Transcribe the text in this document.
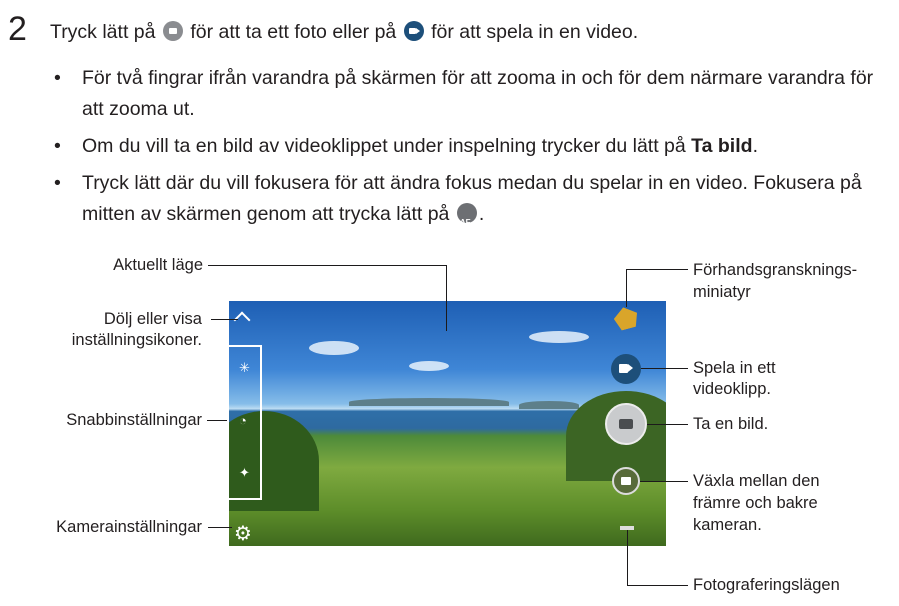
2 Tryck lätt på för att ta ett foto eller på för att spela in en video.
• För två fingrar ifrån varandra på skärmen för att zooma in och för dem närmare varandra för att zooma ut.
• Om du vill ta en bild av videoklippet under inspelning trycker du lätt på Ta bild.
• Tryck lätt där du vill fokusera för att ändra fokus medan du spelar in en video. Fokusera på mitten av skärmen genom att trycka lätt på AF .
✳
◔
✦
⚙
Aktuellt läge
Dölj eller visa
inställningsikoner.
Snabbinställningar
Kamerainställningar
Förhandsgransknings-
miniatyr
Spela in ett
videoklipp.
Ta en bild.
Växla mellan den
främre och bakre
kameran.
Fotograferingslägen
